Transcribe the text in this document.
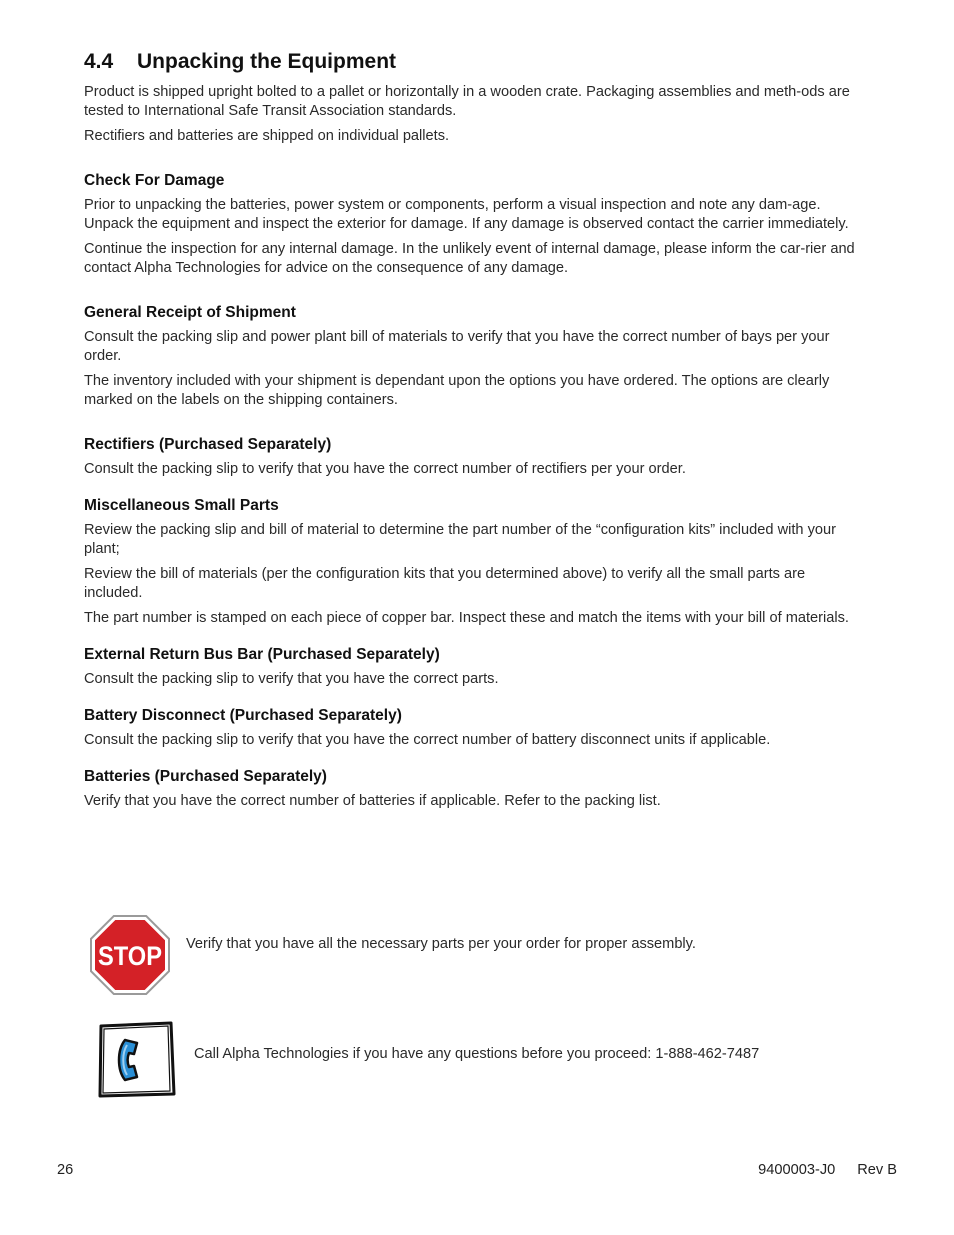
4.4 Unpacking the Equipment

Product is shipped upright bolted to a pallet or horizontally in a wooden crate. Packaging assemblies and meth-ods are tested to International Safe Transit Association standards.

Rectifiers and batteries are shipped on individual pallets.

Check For Damage

Prior to unpacking the batteries, power system or components, perform a visual inspection and note any dam-age. Unpack the equipment and inspect the exterior for damage. If any damage is observed contact the carrier immediately.

Continue the inspection for any internal damage. In the unlikely event of internal damage, please inform the car-rier and contact Alpha Technologies for advice on the consequence of any damage.

General Receipt of Shipment

Consult the packing slip and power plant bill of materials to verify that you have the correct number of bays per your order.

The inventory included with your shipment is dependant upon the options you have ordered. The options are clearly marked on the labels on the shipping containers.

Rectifiers (Purchased Separately)

Consult the packing slip to verify that you have the correct number of rectifiers per your order.

Miscellaneous Small Parts

Review the packing slip and bill of material to determine the part number of the “configuration kits” included with your plant;

Review the bill of materials (per the configuration kits that you determined above) to verify all the small parts are included.

The part number is stamped on each piece of copper bar. Inspect these and match the items with your bill of materials.

External Return Bus Bar (Purchased Separately)

Consult the packing slip to verify that you have the correct parts.

Battery Disconnect (Purchased Separately)

Consult the packing slip to verify that you have the correct number of battery disconnect units if applicable.

Batteries (Purchased Separately)

Verify that you have the correct number of batteries if applicable. Refer to the packing list.

STOP Verify that you have all the necessary parts per your order for proper assembly.
Call Alpha Technologies if you have any questions before you proceed: 1-888-462-7487
26	9400003-J0 Rev B
